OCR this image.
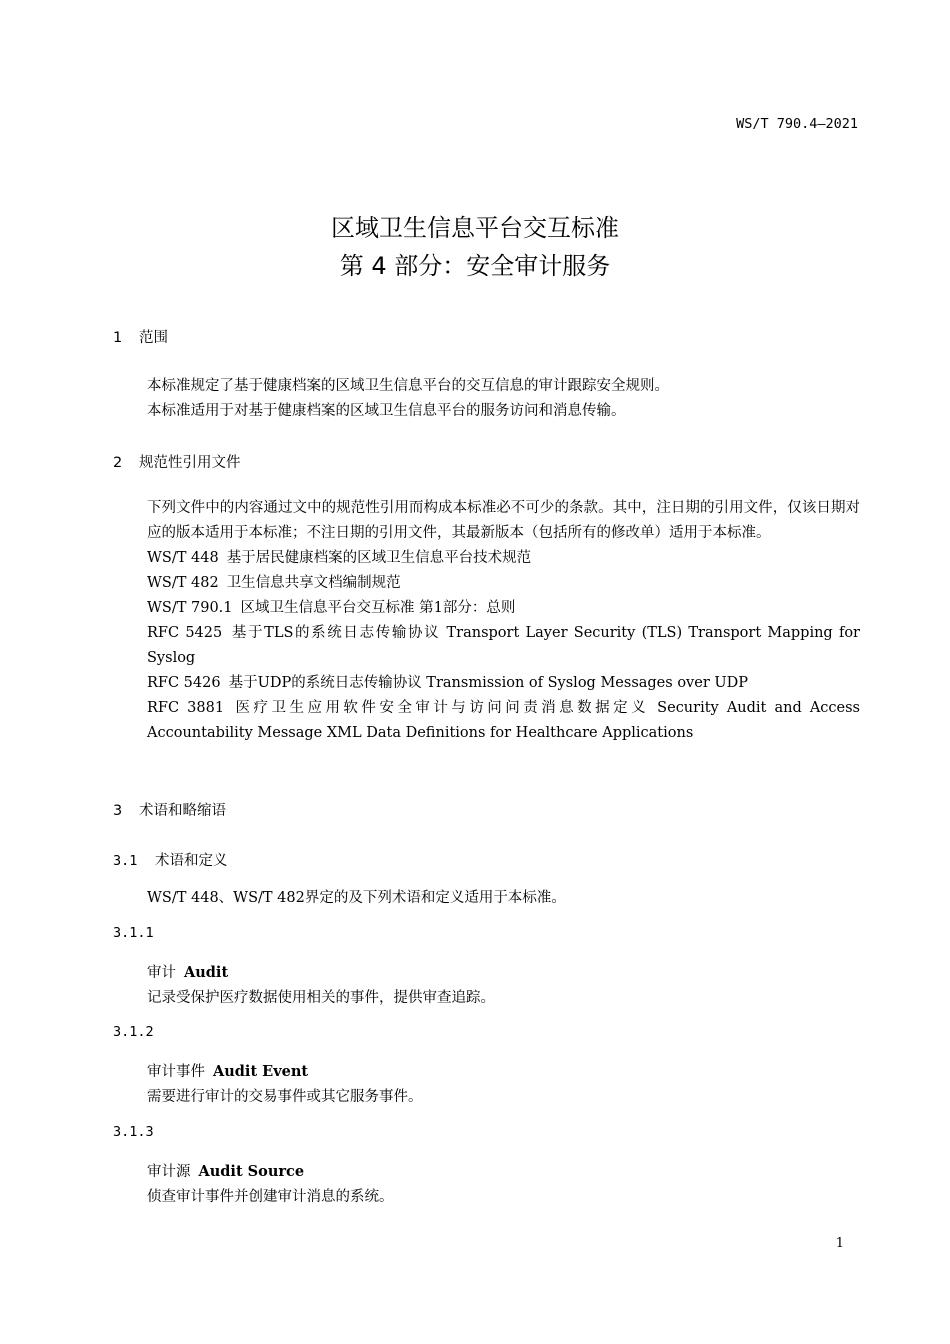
WS/T 790.4—2021
区域卫生信息平台交互标准
第 4 部分：安全审计服务
1 范围
本标准规定了基于健康档案的区域卫生信息平台的交互信息的审计跟踪安全规则。
本标准适用于对基于健康档案的区域卫生信息平台的服务访问和消息传输。
2 规范性引用文件
下列文件中的内容通过文中的规范性引用而构成本标准必不可少的条款。其中，注日期的引用文件，仅该日期对应的版本适用于本标准；不注日期的引用文件，其最新版本（包括所有的修改单）适用于本标准。
WS/T 448 基于居民健康档案的区域卫生信息平台技术规范
WS/T 482 卫生信息共享文档编制规范
WS/T 790.1 区域卫生信息平台交互标准 第1部分：总则
RFC 5425 基于TLS的系统日志传输协议 Transport Layer Security (TLS) Transport Mapping for Syslog
RFC 5426 基于UDP的系统日志传输协议 Transmission of Syslog Messages over UDP
RFC 3881 医疗卫生应用软件安全审计与访问问责消息数据定义 Security Audit and Access Accountability Message XML Data Definitions for Healthcare Applications
3 术语和略缩语
3.1 术语和定义
WS/T 448、WS/T 482界定的及下列术语和定义适用于本标准。
3.1.1
审计 Audit
记录受保护医疗数据使用相关的事件，提供审查追踪。
3.1.2
审计事件 Audit Event
需要进行审计的交易事件或其它服务事件。
3.1.3
审计源 Audit Source
侦查审计事件并创建审计消息的系统。
1
